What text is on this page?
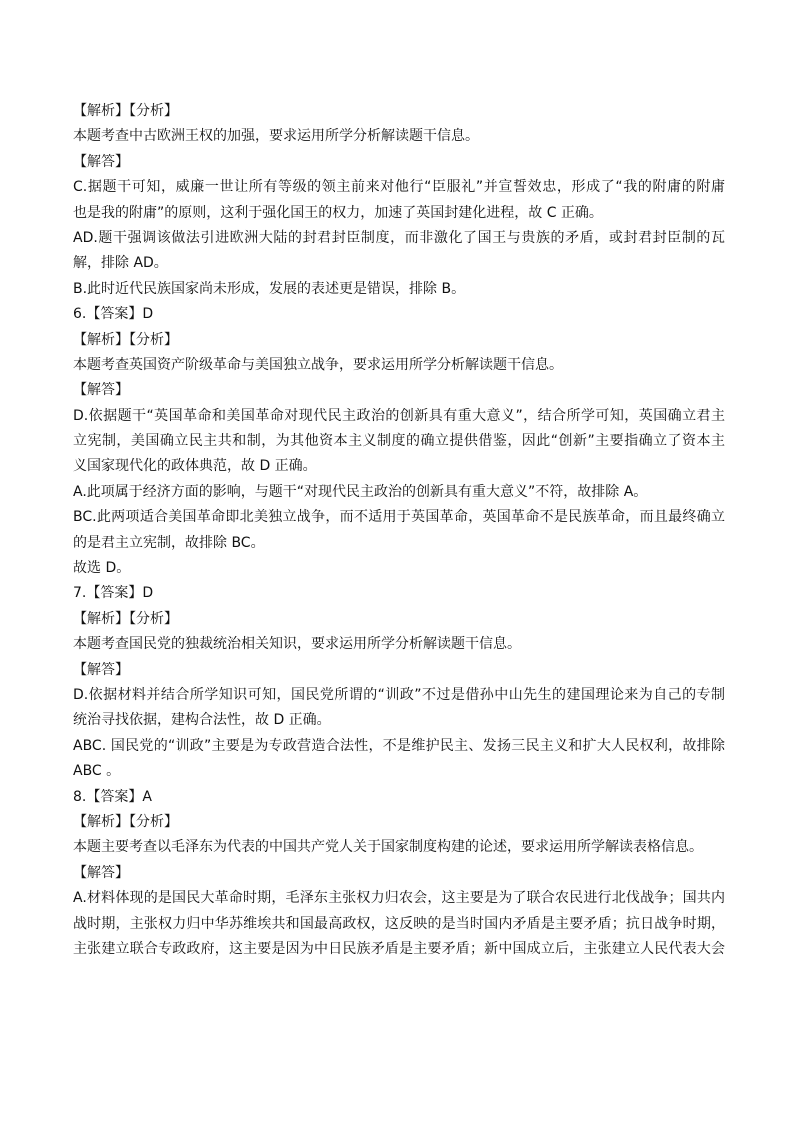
【解析】【分析】

本题考查中古欧洲王权的加强，要求运用所学分析解读题干信息。

【解答】

C.据题干可知，威廉一世让所有等级的领主前来对他行“臣服礼”并宣誓效忠，形成了“我的附庸的附庸

也是我的附庸”的原则，这利于强化国王的权力，加速了英国封建化进程，故 C 正确。

AD.题干强调该做法引进欧洲大陆的封君封臣制度，而非激化了国王与贵族的矛盾，或封君封臣制的瓦

解，排除 AD。

B.此时近代民族国家尚未形成，发展的表述更是错误，排除 B。

6.【答案】D

【解析】【分析】

本题考查英国资产阶级革命与美国独立战争，要求运用所学分析解读题干信息。

【解答】

D.依据题干“英国革命和美国革命对现代民主政治的创新具有重大意义”，结合所学可知，英国确立君主

立宪制，美国确立民主共和制，为其他资本主义制度的确立提供借鉴，因此“创新”主要指确立了资本主

义国家现代化的政体典范，故 D 正确。

A.此项属于经济方面的影响，与题干“对现代民主政治的创新具有重大意义”不符，故排除 A。

BC.此两项适合美国革命即北美独立战争，而不适用于英国革命，英国革命不是民族革命，而且最终确立

的是君主立宪制，故排除 BC。

故选 D。

7.【答案】D

【解析】【分析】

本题考查国民党的独裁统治相关知识，要求运用所学分析解读题干信息。

【解答】

D.依据材料并结合所学知识可知，国民党所谓的“训政”不过是借孙中山先生的建国理论来为自己的专制

统治寻找依据，建构合法性，故 D 正确。

ABC. 国民党的“训政”主要是为专政营造合法性，不是维护民主、发扬三民主义和扩大人民权利，故排除

ABC 。

8.【答案】A

【解析】【分析】

本题主要考查以毛泽东为代表的中国共产党人关于国家制度构建的论述，要求运用所学解读表格信息。

【解答】

A.材料体现的是国民大革命时期，毛泽东主张权力归农会，这主要是为了联合农民进行北伐战争；国共内

战时期，主张权力归中华苏维埃共和国最高政权，这反映的是当时国内矛盾是主要矛盾；抗日战争时期，

主张建立联合专政政府，这主要是因为中日民族矛盾是主要矛盾；新中国成立后，主张建立人民代表大会
